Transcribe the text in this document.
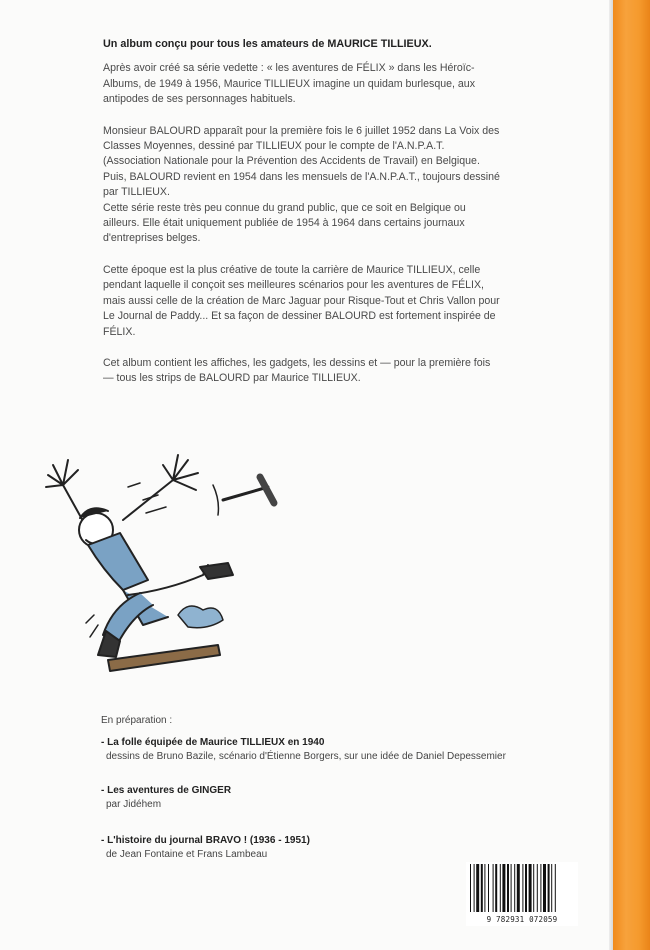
Un album conçu pour tous les amateurs de MAURICE TILLIEUX.

Après avoir créé sa série vedette : « les aventures de FÉLIX » dans les Héroïc-Albums, de 1949 à 1956, Maurice TILLIEUX imagine un quidam burlesque, aux antipodes de ses personnages habituels.

Monsieur BALOURD apparaît pour la première fois le 6 juillet 1952 dans La Voix des Classes Moyennes, dessiné par TILLIEUX pour le compte de l'A.N.P.A.T. (Association Nationale pour la Prévention des Accidents de Travail) en Belgique. Puis, BALOURD revient en 1954 dans les mensuels de l'A.N.P.A.T., toujours dessiné par TILLIEUX.

Cette série reste très peu connue du grand public, que ce soit en Belgique ou ailleurs. Elle était uniquement publiée de 1954 à 1964 dans certains journaux d'entreprises belges.

Cette époque est la plus créative de toute la carrière de Maurice TILLIEUX, celle pendant laquelle il conçoit ses meilleures scénarios pour les aventures de FÉLIX, mais aussi celle de la création de Marc Jaguar pour Risque-Tout et Chris Vallon pour Le Journal de Paddy... Et sa façon de dessiner BALOURD est fortement inspirée de FÉLIX.

Cet album contient les affiches, les gadgets, les dessins et — pour la première fois — tous les strips de BALOURD par Maurice TILLIEUX.

En préparation :
- La folle équipée de Maurice TILLIEUX en 1940
dessins de Bruno Bazile, scénario d'Étienne Borgers, sur une idée de Daniel Depessemier
- Les aventures de GINGER
par Jidéhem
- L'histoire du journal BRAVO ! (1936 - 1951)
de Jean Fontaine et Frans Lambeau
9 782931 072059
